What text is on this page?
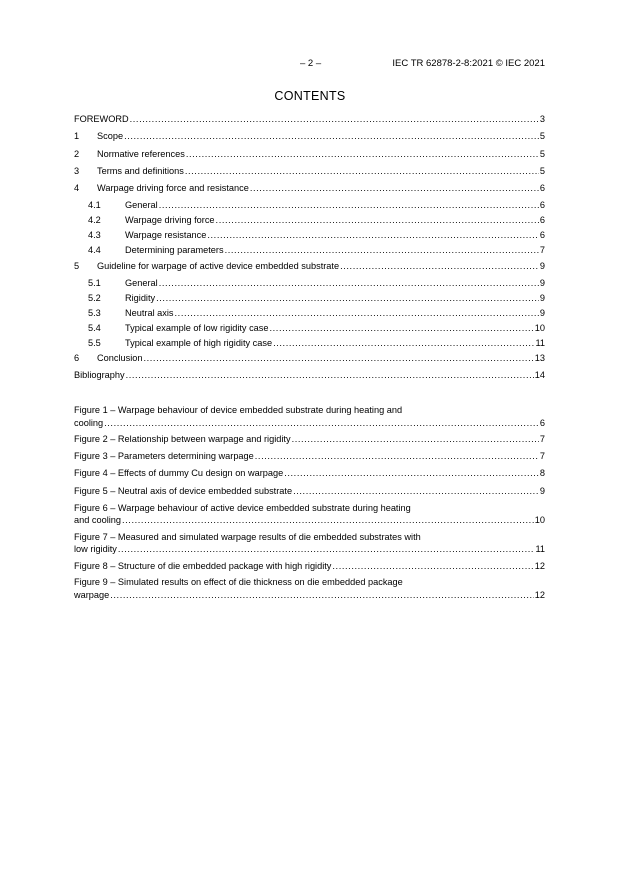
– 2 –	IEC TR 62878-2-8:2021 © IEC 2021
CONTENTS
FOREWORD .....	3
1	Scope .....	5
2	Normative references .....	5
3	Terms and definitions .....	5
4	Warpage driving force and resistance .....	6
4.1	General .....	6
4.2	Warpage driving force .....	6
4.3	Warpage resistance .....	6
4.4	Determining parameters .....	7
5	Guideline for warpage of active device embedded substrate .....	9
5.1	General .....	9
5.2	Rigidity .....	9
5.3	Neutral axis .....	9
5.4	Typical example of low rigidity case .....	10
5.5	Typical example of high rigidity case .....	11
6	Conclusion .....	13
Bibliography .....	14
Figure 1 – Warpage behaviour of device embedded substrate during heating and
cooling .....	6
Figure 2 – Relationship between warpage and rigidity .....	7
Figure 3 – Parameters determining warpage .....	7
Figure 4 – Effects of dummy Cu design on warpage .....	8
Figure 5 – Neutral axis of device embedded substrate .....	9
Figure 6 – Warpage behaviour of active device embedded substrate during heating
and cooling .....	10
Figure 7 – Measured and simulated warpage results of die embedded substrates with
low rigidity .....	11
Figure 8 – Structure of die embedded package with high rigidity .....	12
Figure 9 – Simulated results on effect of die thickness on die embedded package
warpage .....	12
